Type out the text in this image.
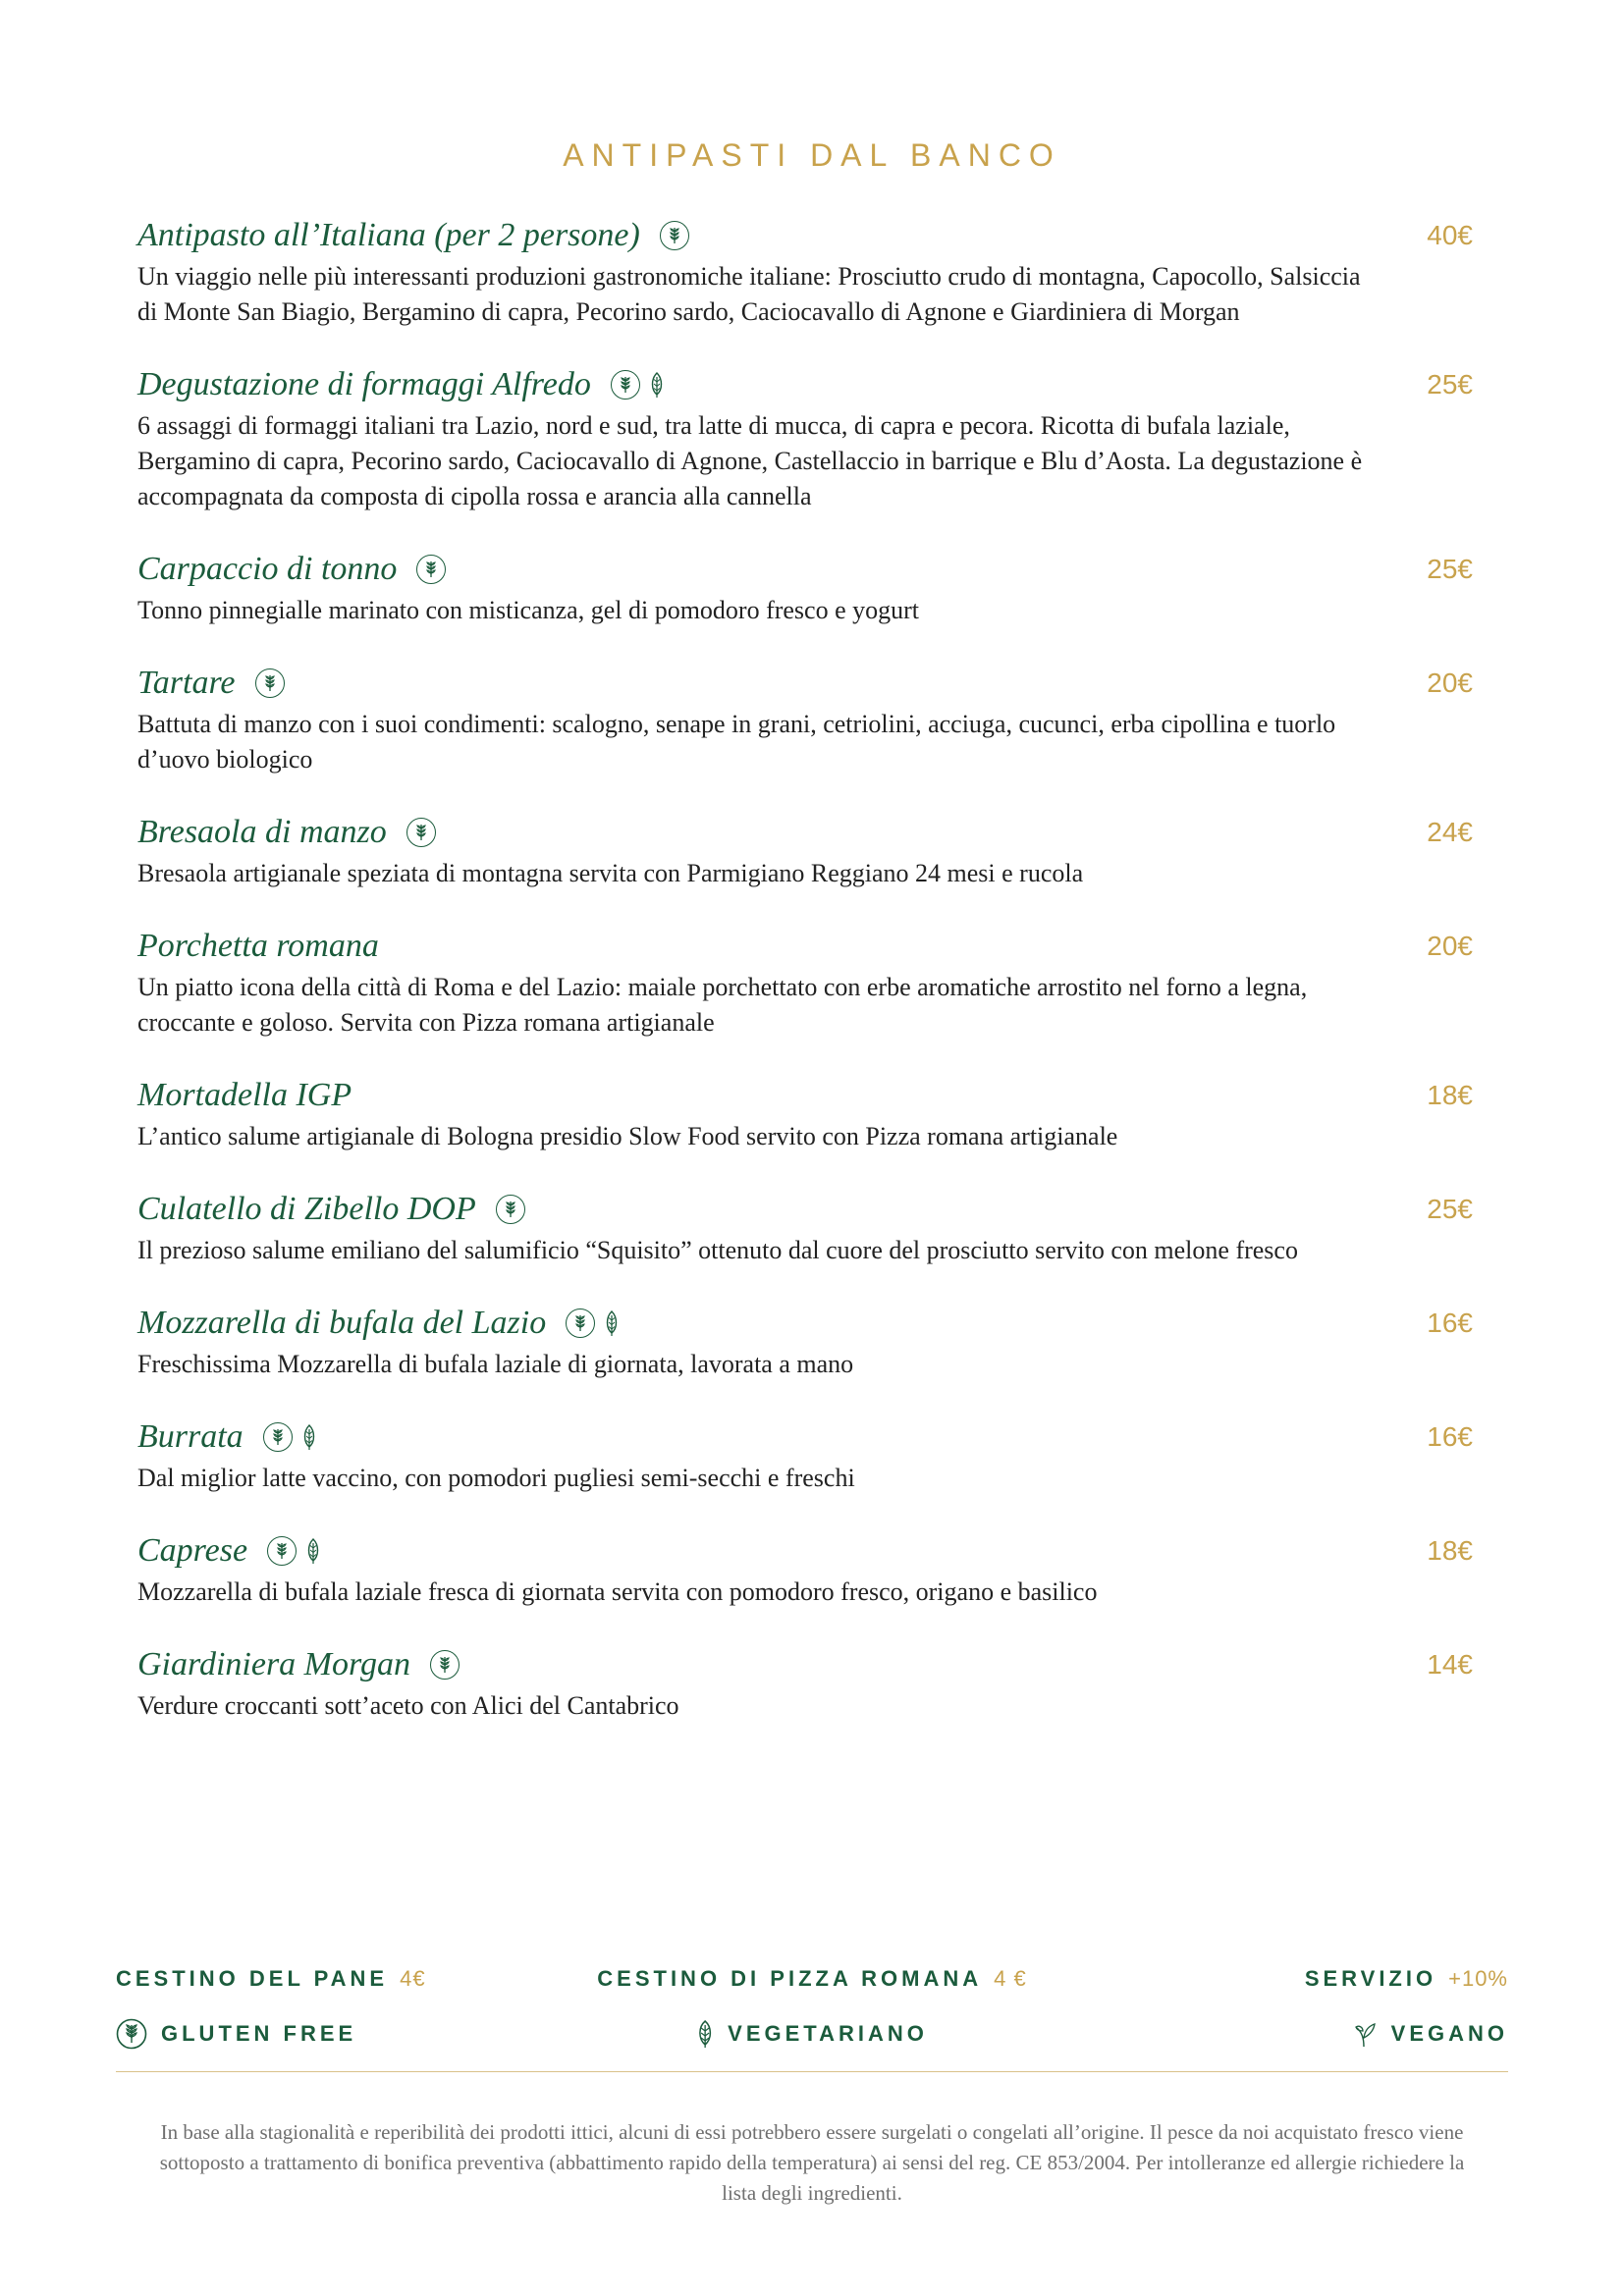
ANTIPASTI DAL BANCO
Antipasto all’Italiana (per 2 persone)	40€
Un viaggio nelle più interessanti produzioni gastronomiche italiane: Prosciutto crudo di montagna, Capocollo, Salsiccia di Monte San Biagio, Bergamino di capra, Pecorino sardo, Caciocavallo di Agnone e Giardiniera di Morgan
Degustazione di formaggi Alfredo	25€
6 assaggi di formaggi italiani tra Lazio, nord e sud, tra latte di mucca, di capra e pecora. Ricotta di bufala laziale, Bergamino di capra, Pecorino sardo, Caciocavallo di Agnone, Castellaccio in barrique e Blu d’Aosta. La degustazione è accompagnata da composta di cipolla rossa e arancia alla cannella
Carpaccio di tonno	25€
Tonno pinnegialle marinato con misticanza, gel di pomodoro fresco e yogurt
Tartare	20€
Battuta di manzo con i suoi condimenti: scalogno, senape in grani, cetriolini, acciuga, cucunci, erba cipollina e tuorlo d’uovo biologico
Bresaola di manzo	24€
Bresaola artigianale speziata di montagna servita con Parmigiano Reggiano 24 mesi e rucola
Porchetta romana	20€
Un piatto icona della città di Roma e del Lazio: maiale porchettato con erbe aromatiche arrostito nel forno a legna, croccante e goloso. Servita con Pizza romana artigianale
Mortadella IGP	18€
L’antico salume artigianale di Bologna presidio Slow Food servito con Pizza romana artigianale
Culatello di Zibello DOP	25€
Il prezioso salume emiliano del salumificio “Squisito” ottenuto dal cuore del prosciutto servito con melone fresco
Mozzarella di bufala del Lazio	16€
Freschissima Mozzarella di bufala laziale di giornata, lavorata a mano
Burrata	16€
Dal miglior latte vaccino, con pomodori pugliesi semi-secchi e freschi
Caprese	18€
Mozzarella di bufala laziale fresca di giornata servita con pomodoro fresco, origano e basilico
Giardiniera Morgan	14€
Verdure croccanti sott’aceto con Alici del Cantabrico
CESTINO DEL PANE 4€	CESTINO DI PIZZA ROMANA 4 €	SERVIZIO +10%
GLUTEN FREE	VEGETARIANO	VEGANO

In base alla stagionalità e reperibilità dei prodotti ittici, alcuni di essi potrebbero essere surgelati o congelati all’origine. Il pesce da noi acquistato fresco viene sottoposto a trattamento di bonifica preventiva (abbattimento rapido della temperatura) ai sensi del reg. CE 853/2004. Per intolleranze ed allergie richiedere la lista degli ingredienti.
